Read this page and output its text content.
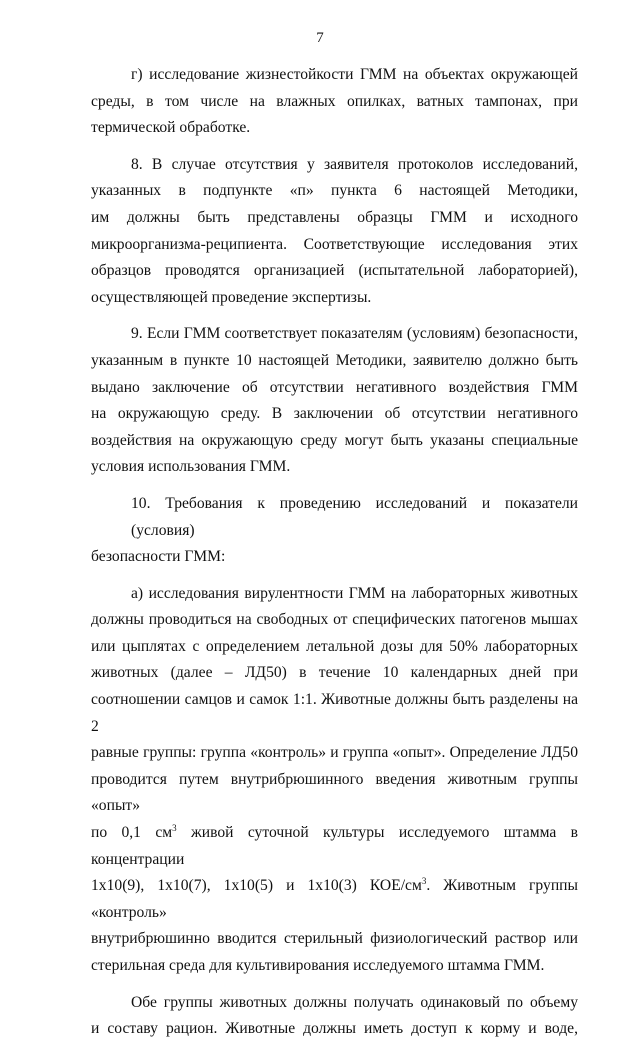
7

г) исследование жизнестойкости ГММ на объектах окружающей
среды, в том числе на влажных опилках, ватных тампонах, при
термической обработке.

8. В случае отсутствия у заявителя протоколов исследований,
указанных в подпункте «п» пункта 6 настоящей Методики,
им должны быть представлены образцы ГММ и исходного
микроорганизма-реципиента. Соответствующие исследования этих
образцов проводятся организацией (испытательной лабораторией),
осуществляющей проведение экспертизы.

9. Если ГММ соответствует показателям (условиям) безопасности,
указанным в пункте 10 настоящей Методики, заявителю должно быть
выдано заключение об отсутствии негативного воздействия ГММ
на окружающую среду. В заключении об отсутствии негативного
воздействия на окружающую среду могут быть указаны специальные
условия использования ГММ.

10. Требования к проведению исследований и показатели (условия)
безопасности ГММ:

а) исследования вирулентности ГММ на лабораторных животных
должны проводиться на свободных от специфических патогенов мышах
или цыплятах с определением летальной дозы для 50% лабораторных
животных (далее – ЛД50) в течение 10 календарных дней при
соотношении самцов и самок 1:1. Животные должны быть разделены на 2
равные группы: группа «контроль» и группа «опыт». Определение ЛД50
проводится путем внутрибрюшинного введения животным группы «опыт»
по 0,1 $см^3$ живой суточной культуры исследуемого штамма в концентрации
1х10(9), 1х10(7), 1х10(5) и 1х10(3) КОЕ/$см^3$. Животным группы «контроль»
внутрибрюшинно вводится стерильный физиологический раствор или
стерильная среда для культивирования исследуемого штамма ГММ.

Обе группы животных должны получать одинаковый по объему
и составу рацион. Животные должны иметь доступ к корму и воде,
